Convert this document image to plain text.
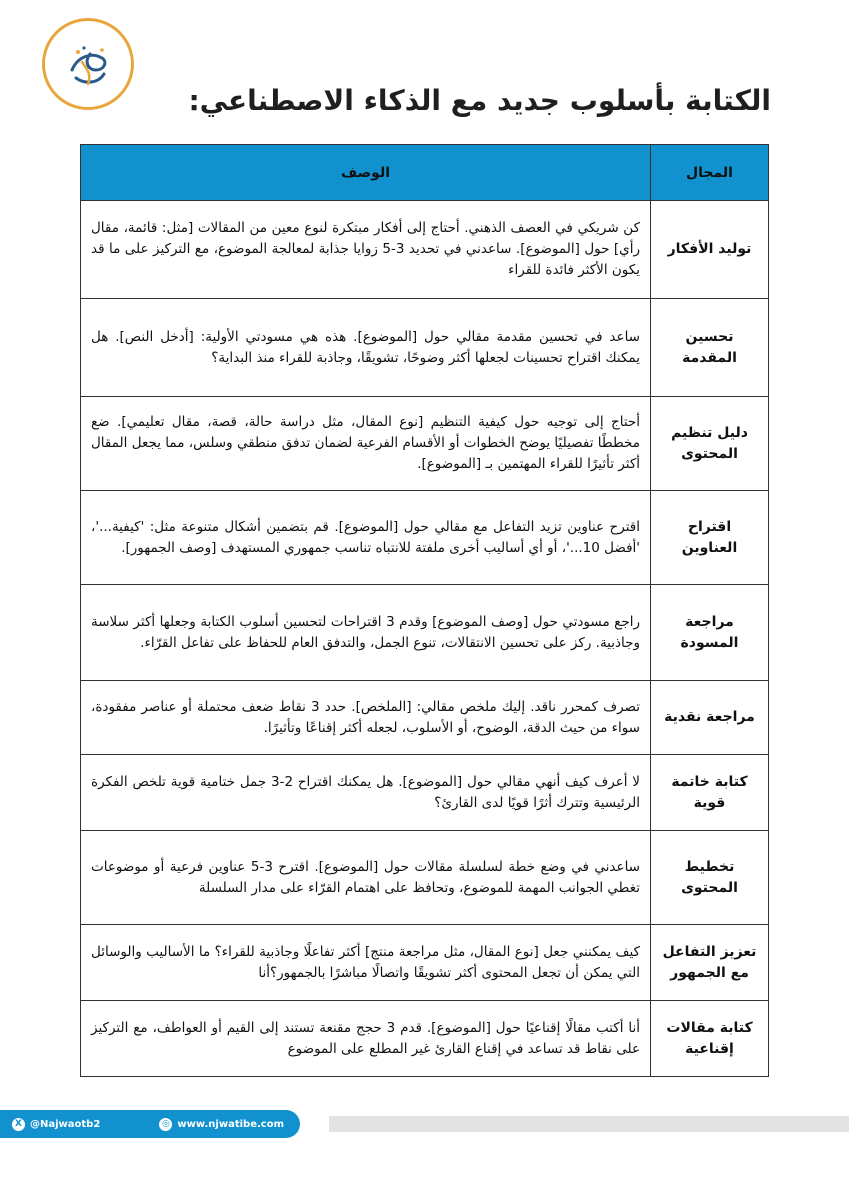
الكتابة بأسلوب جديد مع الذكاء الاصطناعي:
المجال	الوصف
توليد الأفكار	كن شريكي في العصف الذهني. أحتاج إلى أفكار مبتكرة لنوع معين من المقالات [مثل: قائمة، مقال رأي] حول [الموضوع]. ساعدني في تحديد 3-5 زوايا جذابة لمعالجة الموضوع، مع التركيز على ما قد يكون الأكثر فائدة للقراء
تحسين المقدمة	ساعد في تحسين مقدمة مقالي حول [الموضوع]. هذه هي مسودتي الأولية: [أدخل النص]. هل يمكنك اقتراح تحسينات لجعلها أكثر وضوحًا، تشويقًا، وجاذبة للقراء منذ البداية؟
دليل تنظيم المحتوى	أحتاج إلى توجيه حول كيفية التنظيم [نوع المقال، مثل دراسة حالة، قصة، مقال تعليمي]. ضع مخططًا تفصيليًا يوضح الخطوات أو الأقسام الفرعية لضمان تدفق منطقي وسلس، مما يجعل المقال أكثر تأثيرًا للقراء المهتمين بـ [الموضوع].
اقتراح العناوين	اقترح عناوين تزيد التفاعل مع مقالي حول [الموضوع]. قم بتضمين أشكال متنوعة مثل: 'كيفية...'، 'أفضل 10...'، أو أي أساليب أخرى ملفتة للانتباه تناسب جمهوري المستهدف [وصف الجمهور].
مراجعة المسودة	راجع مسودتي حول [وصف الموضوع] وقدم 3 اقتراحات لتحسين أسلوب الكتابة وجعلها أكثر سلاسة وجاذبية. ركز على تحسين الانتقالات، تنوع الجمل، والتدفق العام للحفاظ على تفاعل القرّاء.
مراجعة نقدية	تصرف كمحرر ناقد. إليك ملخص مقالي: [الملخص]. حدد 3 نقاط ضعف محتملة أو عناصر مفقودة، سواء من حيث الدقة، الوضوح، أو الأسلوب، لجعله أكثر إقناعًا وتأثيرًا.
كتابة خاتمة قوية	لا أعرف كيف أنهي مقالي حول [الموضوع]. هل يمكنك اقتراح 2-3 جمل ختامية قوية تلخص الفكرة الرئيسية وتترك أثرًا قويًا لدى القارئ؟
تخطيط المحتوى	ساعدني في وضع خطة لسلسلة مقالات حول [الموضوع]. اقترح 3-5 عناوين فرعية أو موضوعات تغطي الجوانب المهمة للموضوع، وتحافظ على اهتمام القرّاء على مدار السلسلة
تعزيز التفاعل مع الجمهور	كيف يمكنني جعل [نوع المقال، مثل مراجعة منتج] أكثر تفاعلًا وجاذبية للقراء؟ ما الأساليب والوسائل التي يمكن أن تجعل المحتوى أكثر تشويقًا واتصالًا مباشرًا بالجمهور؟أنا
كتابة مقالات إقناعية	أنا أكتب مقالًا إقناعيًا حول [الموضوع]. قدم 3 حجج مقنعة تستند إلى القيم أو العواطف، مع التركيز على نقاط قد تساعد في إقناع القارئ غير المطلع على الموضوع
X @Najwaotb2	◎ www.njwatibe.com
